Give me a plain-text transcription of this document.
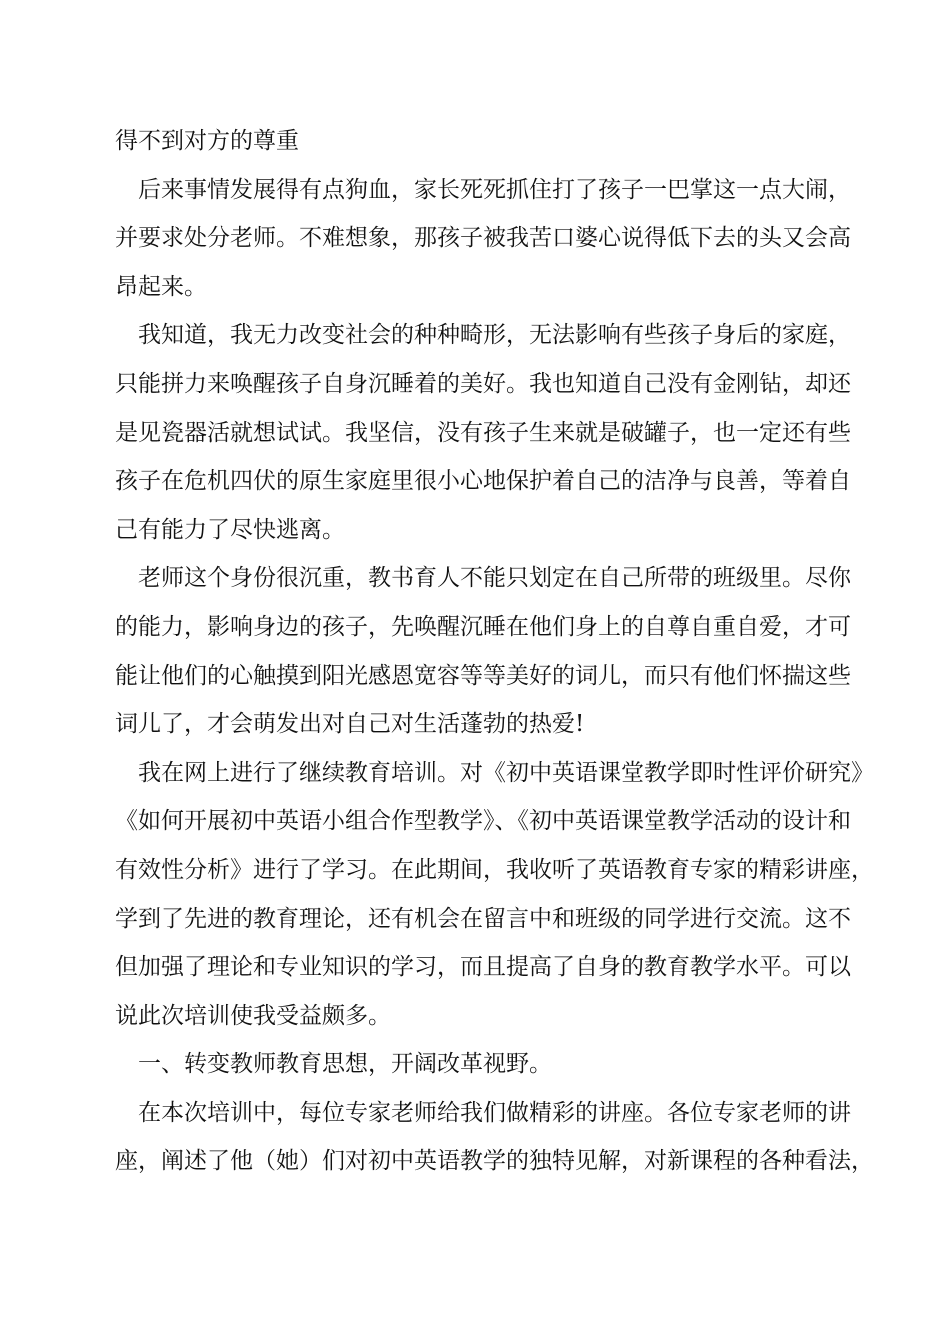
得不到对方的尊重
后来事情发展得有点狗血，家长死死抓住打了孩子一巴掌这一点大闹，
并要求处分老师。不难想象，那孩子被我苦口婆心说得低下去的头又会高
昂起来。
我知道，我无力改变社会的种种畸形，无法影响有些孩子身后的家庭，
只能拼力来唤醒孩子自身沉睡着的美好。我也知道自己没有金刚钻，却还
是见瓷器活就想试试。我坚信，没有孩子生来就是破罐子，也一定还有些
孩子在危机四伏的原生家庭里很小心地保护着自己的洁净与良善，等着自
己有能力了尽快逃离。
老师这个身份很沉重，教书育人不能只划定在自己所带的班级里。尽你
的能力，影响身边的孩子，先唤醒沉睡在他们身上的自尊自重自爱，才可
能让他们的心触摸到阳光感恩宽容等等美好的词儿，而只有他们怀揣这些
词儿了，才会萌发出对自己对生活蓬勃的热爱!
我在网上进行了继续教育培训。对《初中英语课堂教学即时性评价研究》
《如何开展初中英语小组合作型教学》、《初中英语课堂教学活动的设计和
有效性分析》进行了学习。在此期间，我收听了英语教育专家的精彩讲座，
学到了先进的教育理论，还有机会在留言中和班级的同学进行交流。这不
但加强了理论和专业知识的学习，而且提高了自身的教育教学水平。可以
说此次培训使我受益颇多。
一、转变教师教育思想，开阔改革视野。
在本次培训中，每位专家老师给我们做精彩的讲座。各位专家老师的讲
座，阐述了他（她）们对初中英语教学的独特见解，对新课程的各种看法，
